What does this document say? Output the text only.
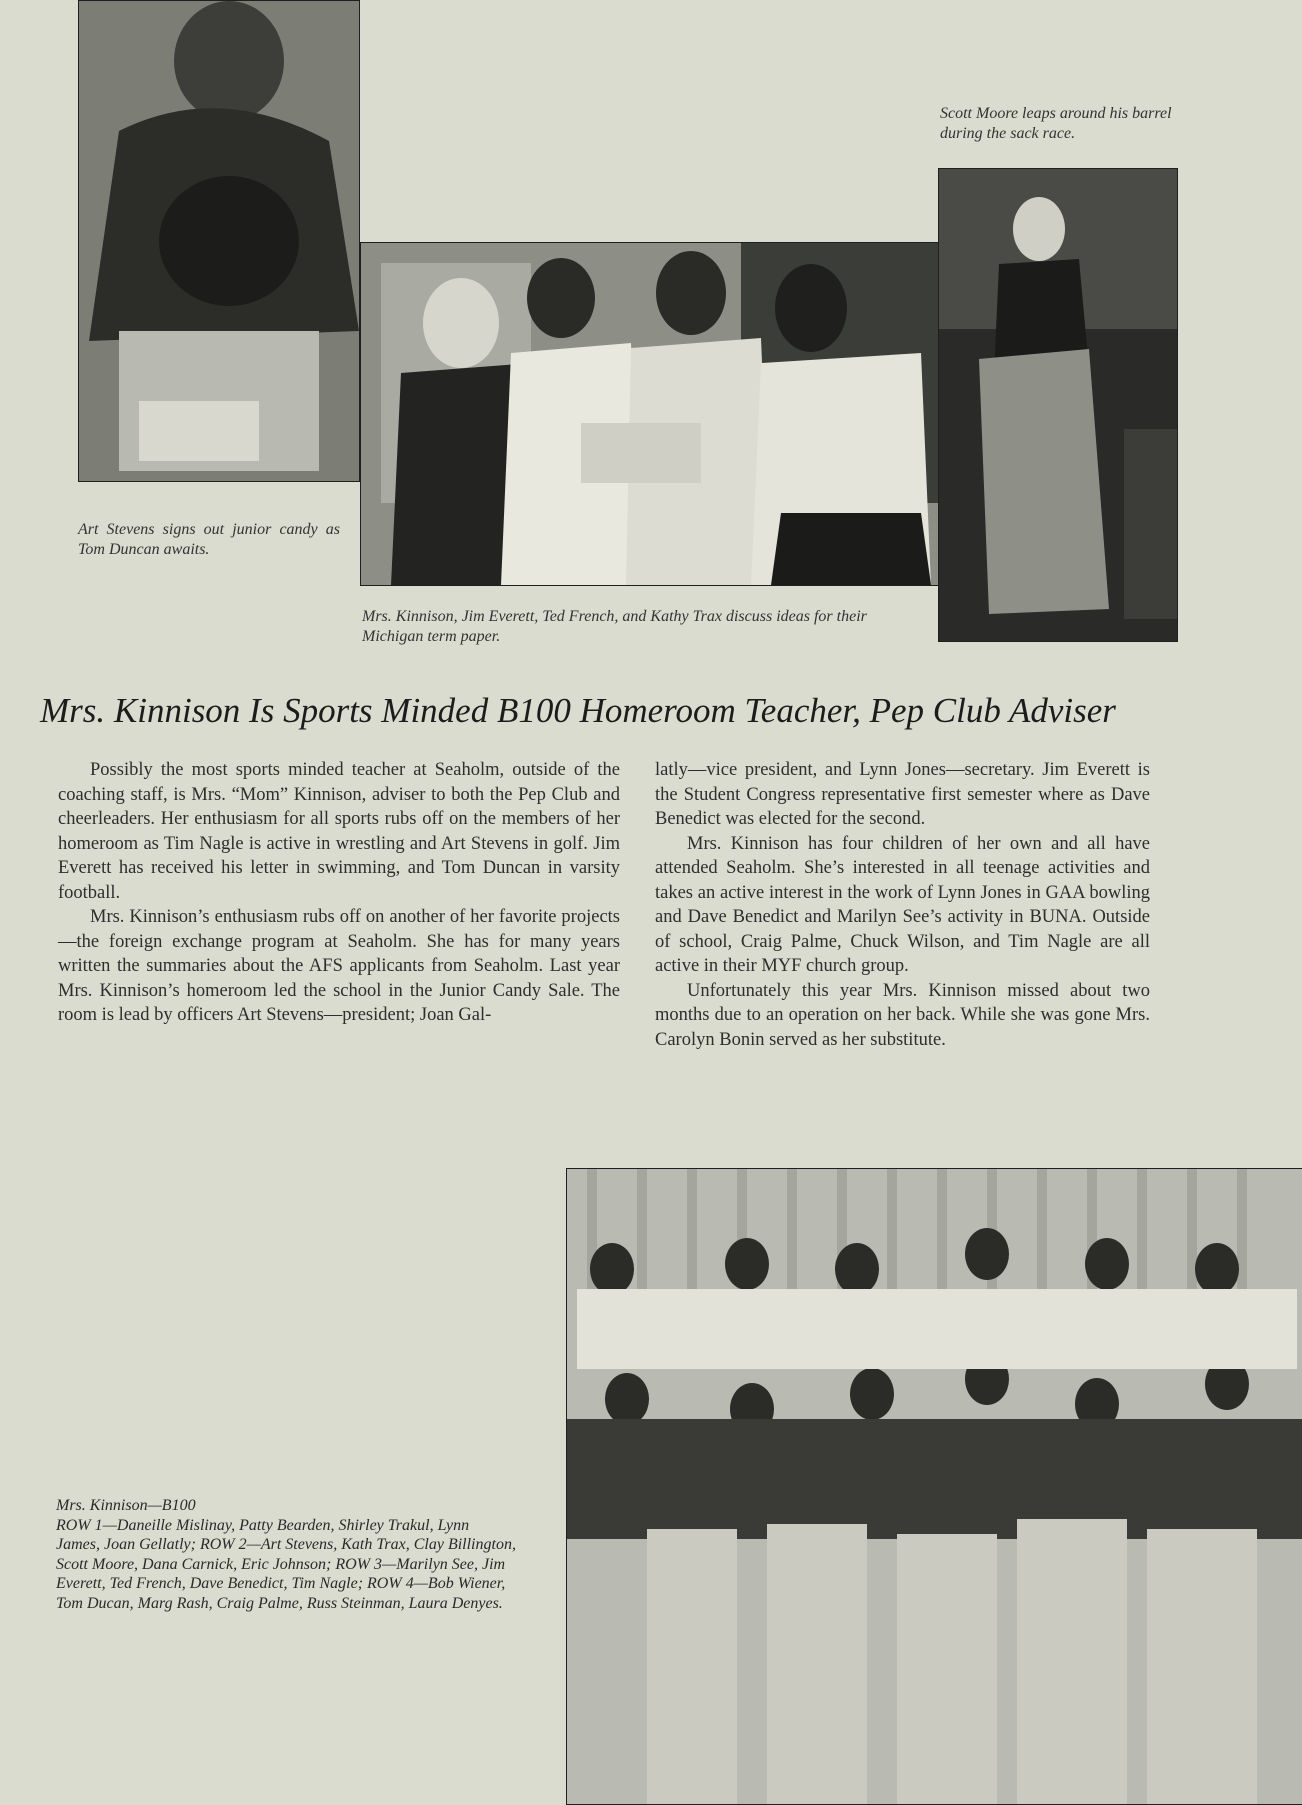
Art Stevens signs out junior candy as Tom Duncan awaits.
Mrs. Kinnison, Jim Everett, Ted French, and Kathy Trax discuss ideas for their Michigan term paper.
Scott Moore leaps around his barrel during the sack race.
Mrs. Kinnison Is Sports Minded B100 Homeroom Teacher, Pep Club Adviser

Possibly the most sports minded teacher at Seaholm, outside of the coaching staff, is Mrs. “Mom” Kinnison, adviser to both the Pep Club and cheerleaders. Her enthusiasm for all sports rubs off on the members of her homeroom as Tim Nagle is active in wrestling and Art Stevens in golf. Jim Everett has received his letter in swimming, and Tom Duncan in varsity football.

Mrs. Kinnison’s enthusiasm rubs off on another of her favorite projects—the foreign exchange program at Seaholm. She has for many years written the summaries about the AFS applicants from Seaholm. Last year Mrs. Kinnison’s homeroom led the school in the Junior Candy Sale. The room is lead by officers Art Stevens—president; Joan Gal-

latly—vice president, and Lynn Jones—secretary. Jim Everett is the Student Congress representative first semester where as Dave Benedict was elected for the second.

Mrs. Kinnison has four children of her own and all have attended Seaholm. She’s interested in all teenage activities and takes an active interest in the work of Lynn Jones in GAA bowling and Dave Benedict and Marilyn See’s activity in BUNA. Outside of school, Craig Palme, Chuck Wilson, and Tim Nagle are all active in their MYF church group.

Unfortunately this year Mrs. Kinnison missed about two months due to an operation on her back. While she was gone Mrs. Carolyn Bonin served as her substitute.

Mrs. Kinnison—B100
ROW 1—Daneille Mislinay, Patty Bearden, Shirley Trakul, Lynn James, Joan Gellatly; ROW 2—Art Stevens, Kath Trax, Clay Billington, Scott Moore, Dana Carnick, Eric Johnson; ROW 3—Marilyn See, Jim Everett, Ted French, Dave Benedict, Tim Nagle; ROW 4—Bob Wiener, Tom Ducan, Marg Rash, Craig Palme, Russ Steinman, Laura Denyes.
